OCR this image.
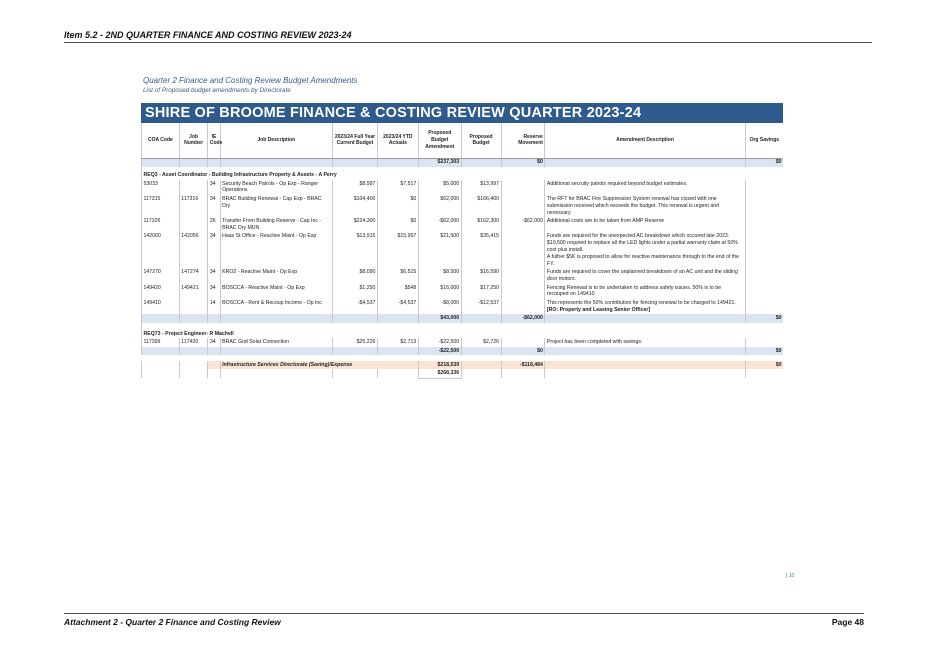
Item 5.2 - 2ND QUARTER FINANCE AND COSTING REVIEW 2023-24
Quarter 2 Finance and Costing Review Budget Amendments
List of Proposed budget amendments by Directorate
SHIRE OF BROOME FINANCE & COSTING REVIEW QUARTER 2023-24
COA Code	Job Number	IE Code	Job Description	2023/24 Full Year Current Budget	2023/24 YTD Actuals	Proposed Budget Amendment	Proposed Budget	Reserve Movement	Amendment Description	Org Savings
						$237,303		$0		$0
REQ3 - Asset Coordinator - Building Infrastructure Property & Assets - A Perry										
53033		34	Security Beach Patrols - Op Exp - Ranger Operations	$8,997	$7,517	$5,000	$13,997		Additional secruity patrols required beyond budget estimates.	
117315	117316	34	BRAC Building Renewal - Cap Exp - BRAC Dry	$104,400	$0	$62,000	$166,400		The RFT for BRAC Fire Suppression System renewal has closed with one submission received which exceeds the budget. This renewal is urgent and necessary.	
117326		26	Transfer From Building Reserve - Cap Inc - BRAC Dry MUN	$224,300	$0	-$62,000	$162,300	-$62,000	Additional costs are to be taken from AMP Reserve	
142000	142056	34	Haas St Office - Reactive Maint - Op Exp	$13,915	$15,997	$21,500	$35,415		Funds are required for the unexpected AC breakdown which occured late 2023.
$10,500 required to replace all the LED lights under a partial warranty claim at 50% cost plus install.
A futher $5K is proposed to allow for reactive maintenance through to the end of the FY.	
147270	147274	34	KRO2 - Reactive Maint - Op Exp	$8,090	$6,515	$8,500	$16,590		Funds are required to cover the unplanned breakdown of an AC unit and the sliding door motors.	
149420	149421	34	BOSCCA - Reactive Maint - Op Exp	$1,250	$548	$16,000	$17,250		Fencing Renewal is to be undertaken to address safety issues. 50% is to be recouped on 149410	
149410		14	BOSCCA - Rent & Recoup Income - Op Inc	-$4,537	-$4,537	-$8,000	-$12,537		This represents the 50% contribution for fencing renewal to be charged to 149421.
[RO: Property and Leasing Senior Officer]	
						$43,000		-$62,000		$0
REQ73 - Project Engineer- R Machell										
117399	117420	34	BRAC Grid Solar Connection	$25,226	$2,713	-$22,500	$2,726		Project has been completed with savings.	
						-$22,500		$0		$0

			Infrastructure Services Directorate (Saving)/Expense			$218,539		-$118,484		$0
						$268,336				
| 10
Attachment 2 - Quarter 2 Finance and Costing Review	Page 48
